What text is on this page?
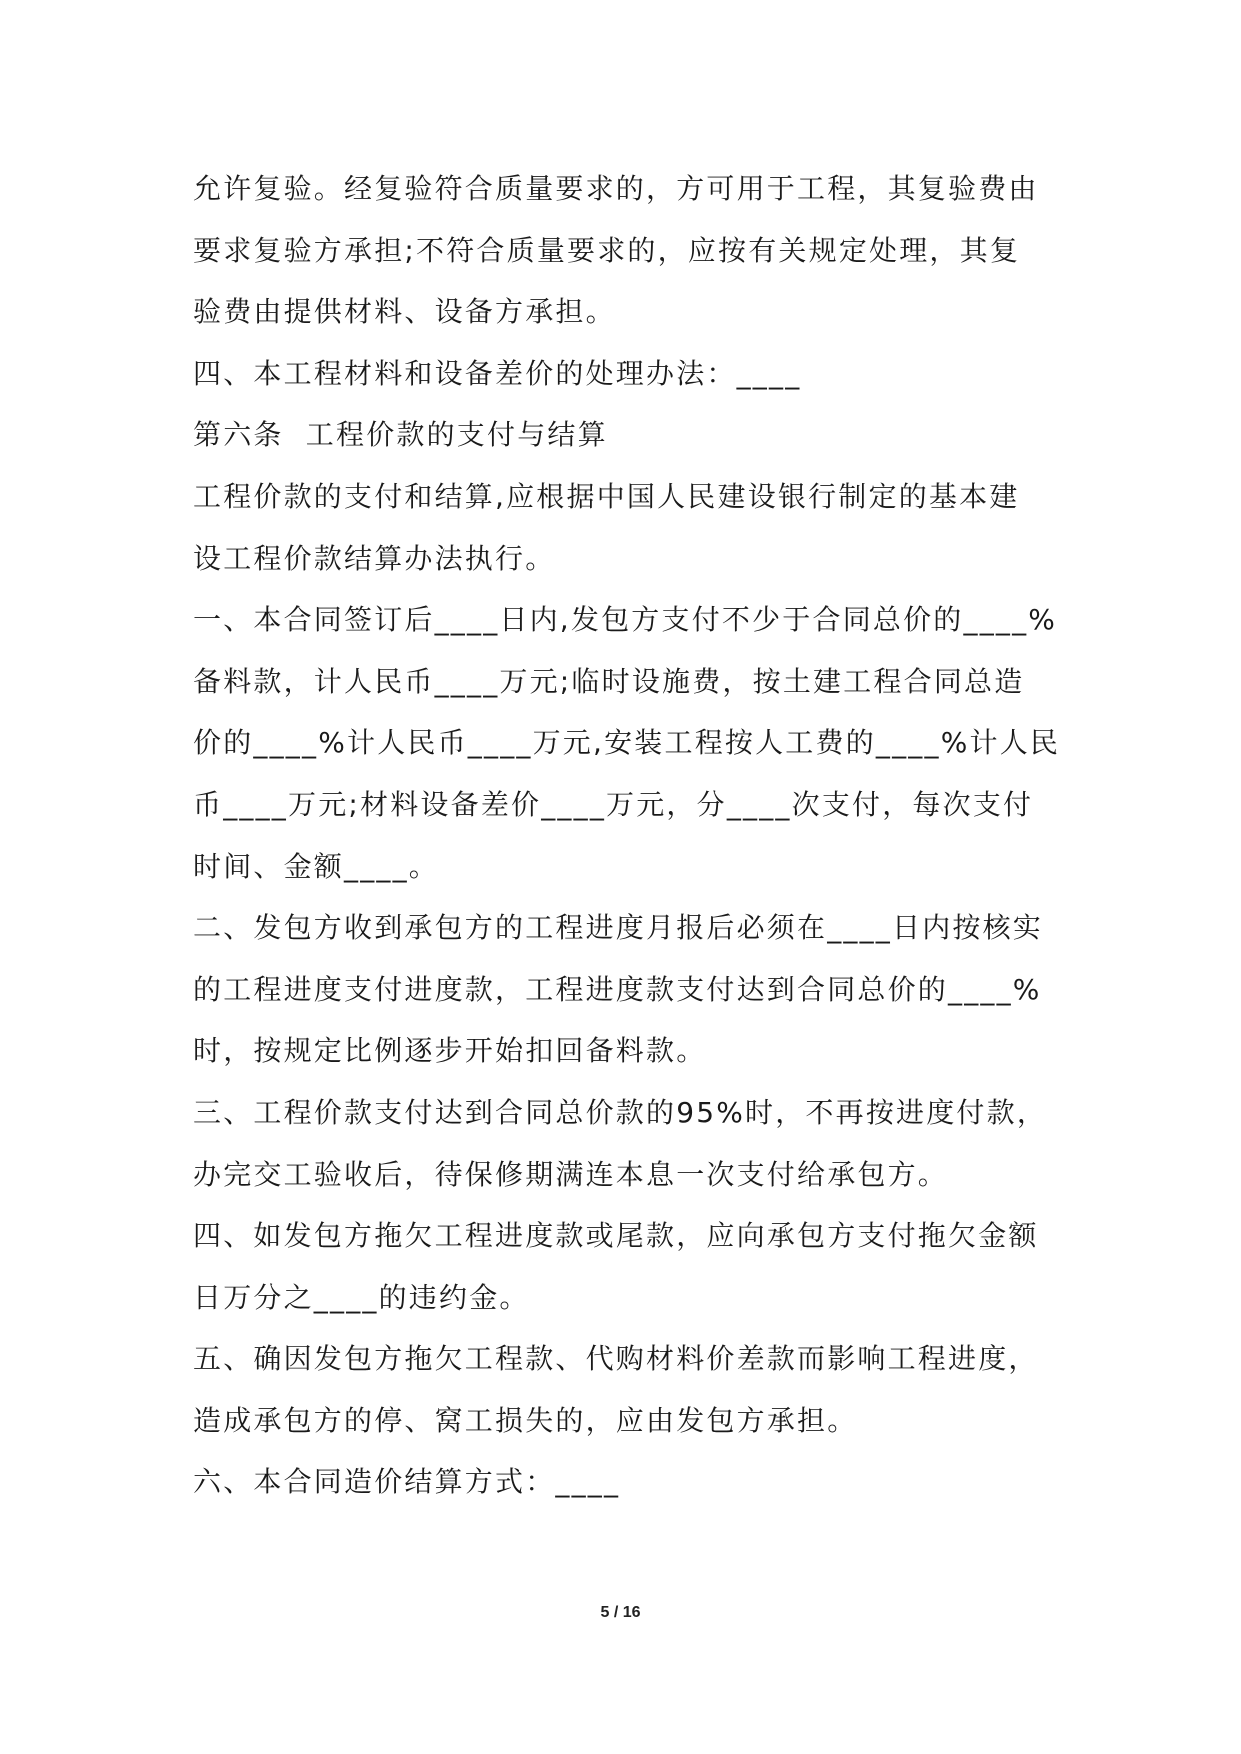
允许复验。经复验符合质量要求的，方可用于工程，其复验费由
要求复验方承担;不符合质量要求的，应按有关规定处理，其复
验费由提供材料、设备方承担。
四、本工程材料和设备差价的处理办法：____
第六条  工程价款的支付与结算
工程价款的支付和结算,应根据中国人民建设银行制定的基本建
设工程价款结算办法执行。
一、本合同签订后____日内,发包方支付不少于合同总价的____%
备料款，计人民币____万元;临时设施费，按土建工程合同总造
价的____%计人民币____万元,安装工程按人工费的____%计人民
币____万元;材料设备差价____万元，分____次支付，每次支付
时间、金额____。
二、发包方收到承包方的工程进度月报后必须在____日内按核实
的工程进度支付进度款，工程进度款支付达到合同总价的____%
时，按规定比例逐步开始扣回备料款。
三、工程价款支付达到合同总价款的95%时，不再按进度付款，
办完交工验收后，待保修期满连本息一次支付给承包方。
四、如发包方拖欠工程进度款或尾款，应向承包方支付拖欠金额
日万分之____的违约金。
五、确因发包方拖欠工程款、代购材料价差款而影响工程进度，
造成承包方的停、窝工损失的，应由发包方承担。
六、本合同造价结算方式：____
5 / 16
